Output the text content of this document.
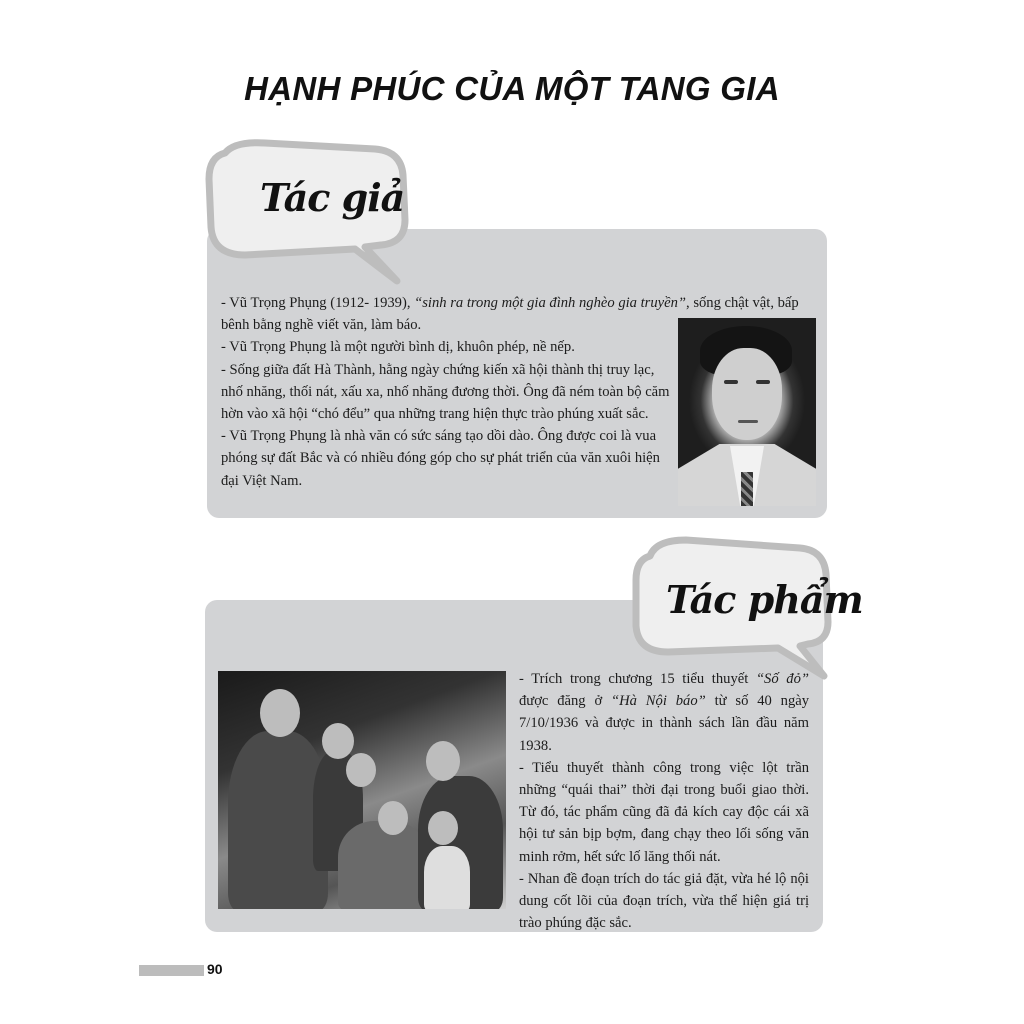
HẠNH PHÚC CỦA MỘT TANG GIA
Tác giả

- Vũ Trọng Phụng (1912- 1939), “sinh ra trong một gia đình nghèo gia truyền”, sống chật vật, bấp bênh bằng nghề viết văn, làm báo.

- Vũ Trọng Phụng là một người bình dị, khuôn phép, nề nếp.

- Sống giữa đất Hà Thành, hằng ngày chứng kiến xã hội thành thị truy lạc, nhố nhăng, thối nát, xấu xa, nhố nhăng đương thời. Ông đã ném toàn bộ căm hờn vào xã hội “chó đểu” qua những trang hiện thực trào phúng xuất sắc.

- Vũ Trọng Phụng là nhà văn có sức sáng tạo dồi dào. Ông được coi là vua phóng sự đất Bắc và có nhiều đóng góp cho sự phát triển của văn xuôi hiện đại Việt Nam.

Tác phẩm

- Trích trong chương 15 tiểu thuyết “Số đỏ” được đăng ở “Hà Nội báo” từ số 40 ngày 7/10/1936 và được in thành sách lần đầu năm 1938.

- Tiểu thuyết thành công trong việc lột trần những “quái thai” thời đại trong buổi giao thời. Từ đó, tác phẩm cũng đã đả kích cay độc cái xã hội tư sản bịp bợm, đang chạy theo lối sống văn minh rởm, hết sức lố lăng thối nát.

- Nhan đề đoạn trích do tác giả đặt, vừa hé lộ nội dung cốt lõi của đoạn trích, vừa thể hiện giá trị trào phúng đặc sắc.

90
